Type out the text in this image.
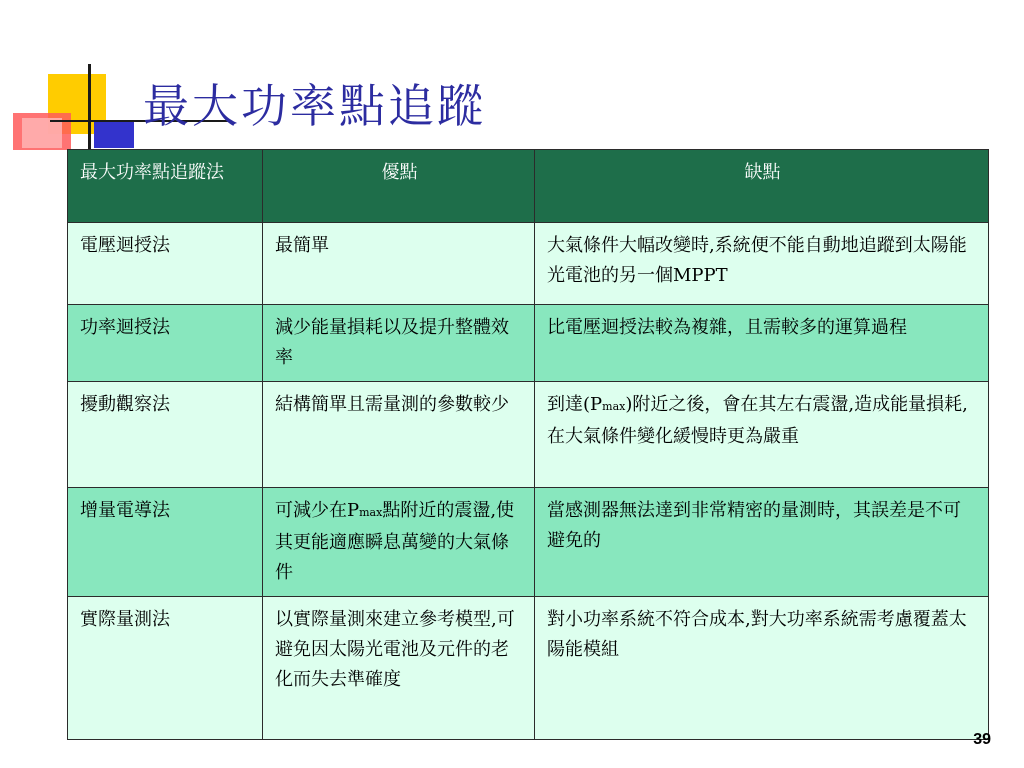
最大功率點追蹤
最大功率點追蹤法	優點	缺點
電壓迴授法	最簡單	大氣條件大幅改變時,系統便不能自動地追蹤到太陽能光電池的另一個MPPT
功率迴授法	減少能量損耗以及提升整體效率	比電壓迴授法較為複雜，且需較多的運算過程
擾動觀察法	結構簡單且需量測的參數較少	到達(Pmax)附近之後，會在其左右震盪,造成能量損耗,在大氣條件變化緩慢時更為嚴重
增量電導法	可減少在Pmax點附近的震盪,使其更能適應瞬息萬變的大氣條件	當感測器無法達到非常精密的量測時，其誤差是不可避免的
實際量測法	以實際量測來建立參考模型,可避免因太陽光電池及元件的老化而失去準確度	對小功率系統不符合成本,對大功率系統需考慮覆蓋太陽能模組
39
